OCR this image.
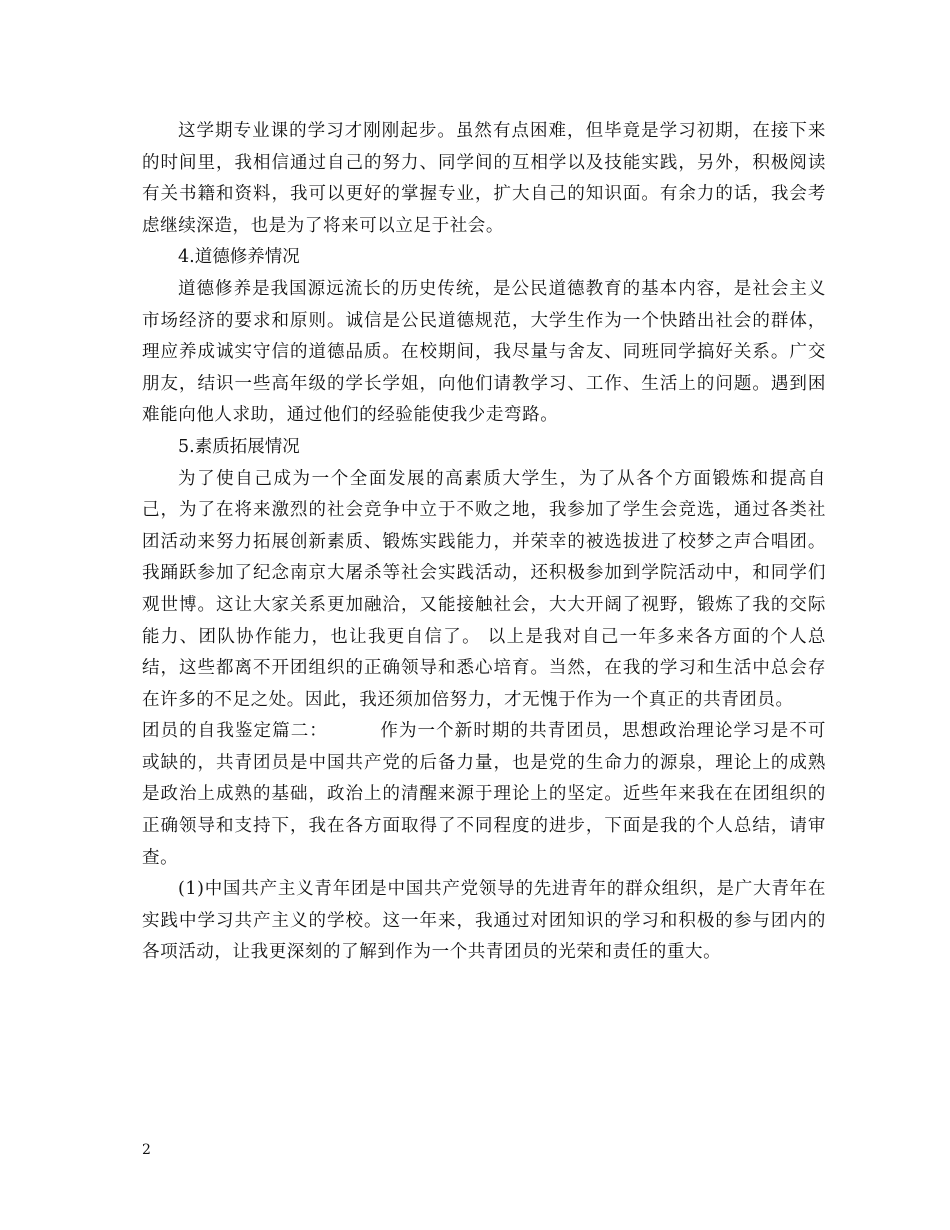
这学期专业课的学习才刚刚起步。虽然有点困难，但毕竟是学习初期，在接下来的时间里，我相信通过自己的努力、同学间的互相学以及技能实践，另外，积极阅读有关书籍和资料，我可以更好的掌握专业，扩大自己的知识面。有余力的话，我会考虑继续深造，也是为了将来可以立足于社会。

4.道德修养情况

道德修养是我国源远流长的历史传统，是公民道德教育的基本内容，是社会主义市场经济的要求和原则。诚信是公民道德规范，大学生作为一个快踏出社会的群体，理应养成诚实守信的道德品质。在校期间，我尽量与舍友、同班同学搞好关系。广交朋友，结识一些高年级的学长学姐，向他们请教学习、工作、生活上的问题。遇到困难能向他人求助，通过他们的经验能使我少走弯路。

5.素质拓展情况

为了使自己成为一个全面发展的高素质大学生，为了从各个方面锻炼和提高自己，为了在将来激烈的社会竞争中立于不败之地，我参加了学生会竞选，通过各类社团活动来努力拓展创新素质、锻炼实践能力，并荣幸的被选拔进了校梦之声合唱团。我踊跃参加了纪念南京大屠杀等社会实践活动，还积极参加到学院活动中，和同学们观世博。这让大家关系更加融洽，又能接触社会，大大开阔了视野，锻炼了我的交际能力、团队协作能力，也让我更自信了。 以上是我对自己一年多来各方面的个人总结，这些都离不开团组织的正确领导和悉心培育。当然，在我的学习和生活中总会存在许多的不足之处。因此，我还须加倍努力，才无愧于作为一个真正的共青团员。

团员的自我鉴定篇二：	作为一个新时期的共青团员，思想政治理论学习是不可或缺的，共青团员是中国共产党的后备力量，也是党的生命力的源泉，理论上的成熟是政治上成熟的基础，政治上的清醒来源于理论上的坚定。近些年来我在在团组织的正确领导和支持下，我在各方面取得了不同程度的进步，下面是我的个人总结，请审查。

(1)中国共产主义青年团是中国共产党领导的先进青年的群众组织，是广大青年在实践中学习共产主义的学校。这一年来，我通过对团知识的学习和积极的参与团内的各项活动，让我更深刻的了解到作为一个共青团员的光荣和责任的重大。

2
